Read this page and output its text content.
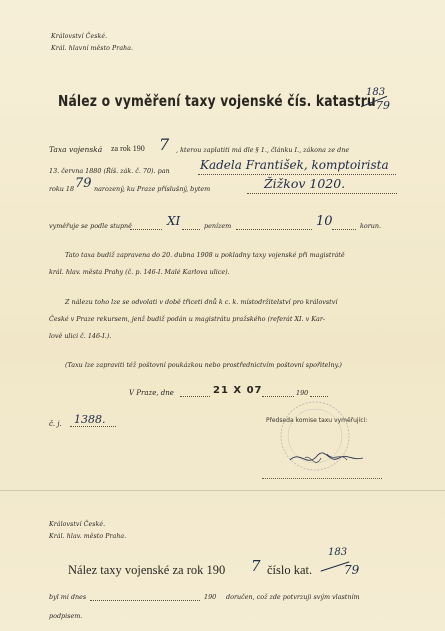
Království České.
Král. hlavní město Praha.
Nález o vyměření taxy vojenské čís. katastru
183
79
Taxa vojenská za rok 190 7 , kterou zaplatiti má dle § 1., článku I., zákona ze dne
13. června 1880 (Říš. zák. č. 70). pan	Kadela František, komptoirista
roku 18 79 narozený, ku Praze příslušný, bytem	Žižkov 1020.
vyměřuje se podle stupně	XI	penízem	10	korun.
Tato taxa budiž zapravena do 20. dubna 1908 u pokladny taxy vojenské při magistrátě
král. hlav. města Prahy (č. p. 146-I. Malé Karlova ulice).
Z nálezu toho lze se odvolati v době třiceti dnů k c. k. místodržitelství pro království
České v Praze rekursem, jenž budiž podán u magistrátu pražského (referát XI. v Kar-
lově ulici č. 146-I.).
(Taxu lze zapraviti též poštovní poukázkou nebo prostřednictvím poštovní spořitelny.)
V Praze, dne	21 X 07	190
č. j. 1388.	Předseda komise taxu vyměřující:
Království České.
Král. hlav. město Praha.
Nález taxy vojenské za rok 190 7 číslo kat.
183
79
byl mi dnes	190 doručen, což zde potvrzuji svým vlastním
podpisem.
